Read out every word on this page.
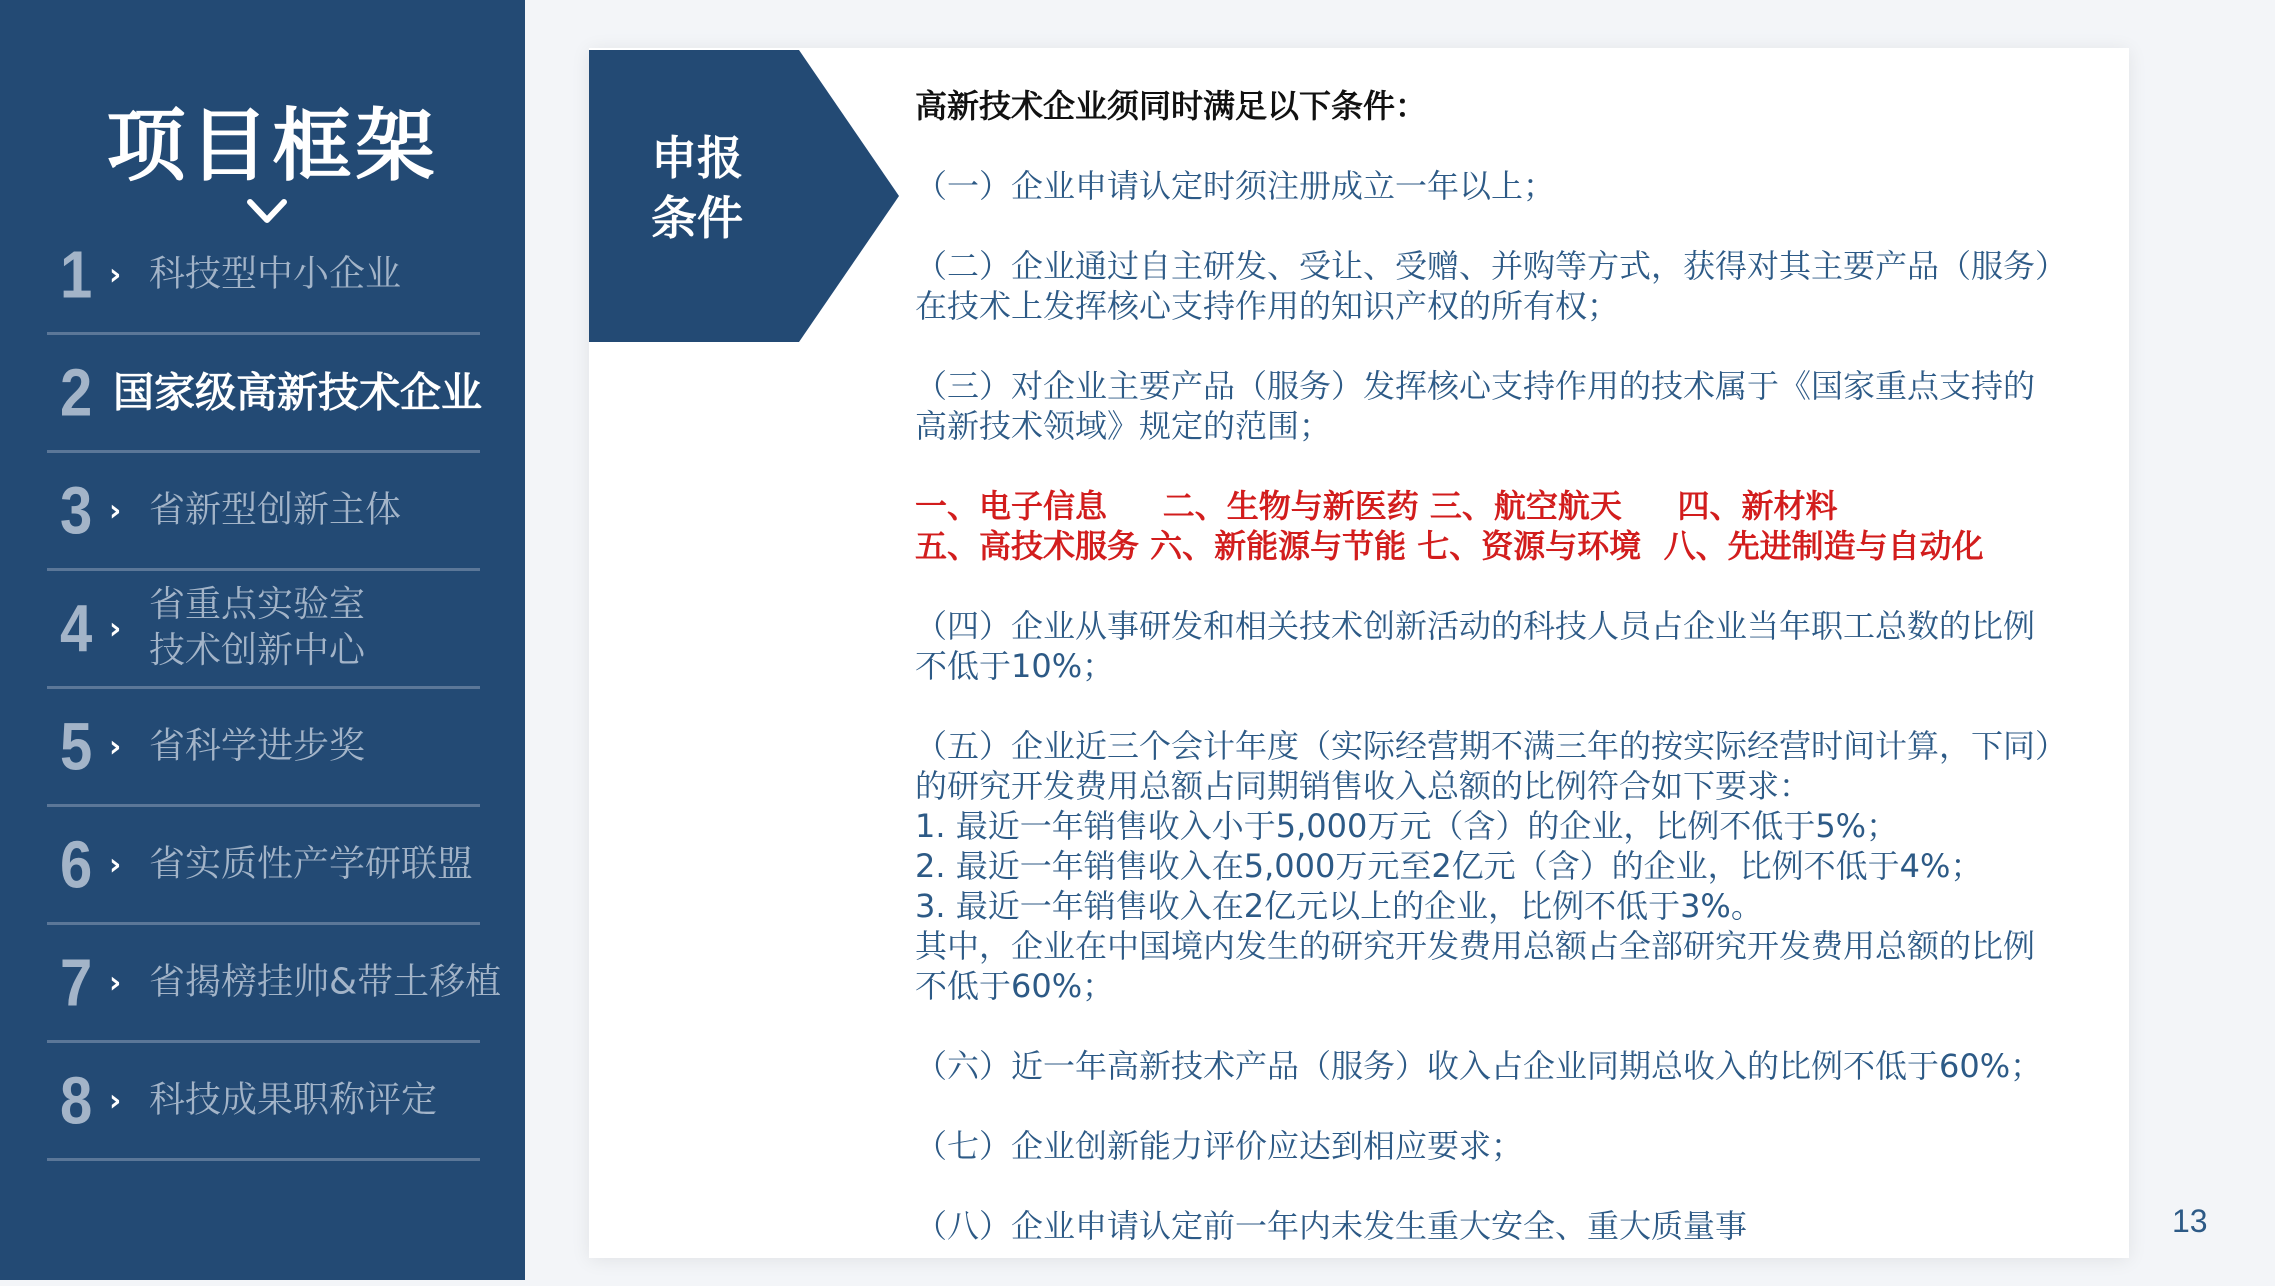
项目框架
1 › 科技型中小企业
2 国家级高新技术企业
3 › 省新型创新主体
4 ›
省重点实验室
技术创新中心
5 › 省科学进步奖
6 › 省实质性产学研联盟
7 › 省揭榜挂帅&带土移植
8 › 科技成果职称评定
申报
条件

高新技术企业须同时满足以下条件：

（一）企业申请认定时须注册成立一年以上；

（二）企业通过自主研发、受让、受赠、并购等方式，获得对其主要产品（服务）在技术上发挥核心支持作用的知识产权的所有权；

（三）对企业主要产品（服务）发挥核心支持作用的技术属于《国家重点支持的高新技术领域》规定的范围；

一、电子信息     二、生物与新医药 三、航空航天     四、新材料
五、高技术服务 六、新能源与节能 七、资源与环境  八、先进制造与自动化

（四）企业从事研发和相关技术创新活动的科技人员占企业当年职工总数的比例不低于10%；

（五）企业近三个会计年度（实际经营期不满三年的按实际经营时间计算，下同）的研究开发费用总额占同期销售收入总额的比例符合如下要求：
1. 最近一年销售收入小于5,000万元（含）的企业，比例不低于5%；
2. 最近一年销售收入在5,000万元至2亿元（含）的企业，比例不低于4%；
3. 最近一年销售收入在2亿元以上的企业，比例不低于3%。
其中，企业在中国境内发生的研究开发费用总额占全部研究开发费用总额的比例不低于60%；

（六）近一年高新技术产品（服务）收入占企业同期总收入的比例不低于60%；

（七）企业创新能力评价应达到相应要求；

（八）企业申请认定前一年内未发生重大安全、重大质量事	13
